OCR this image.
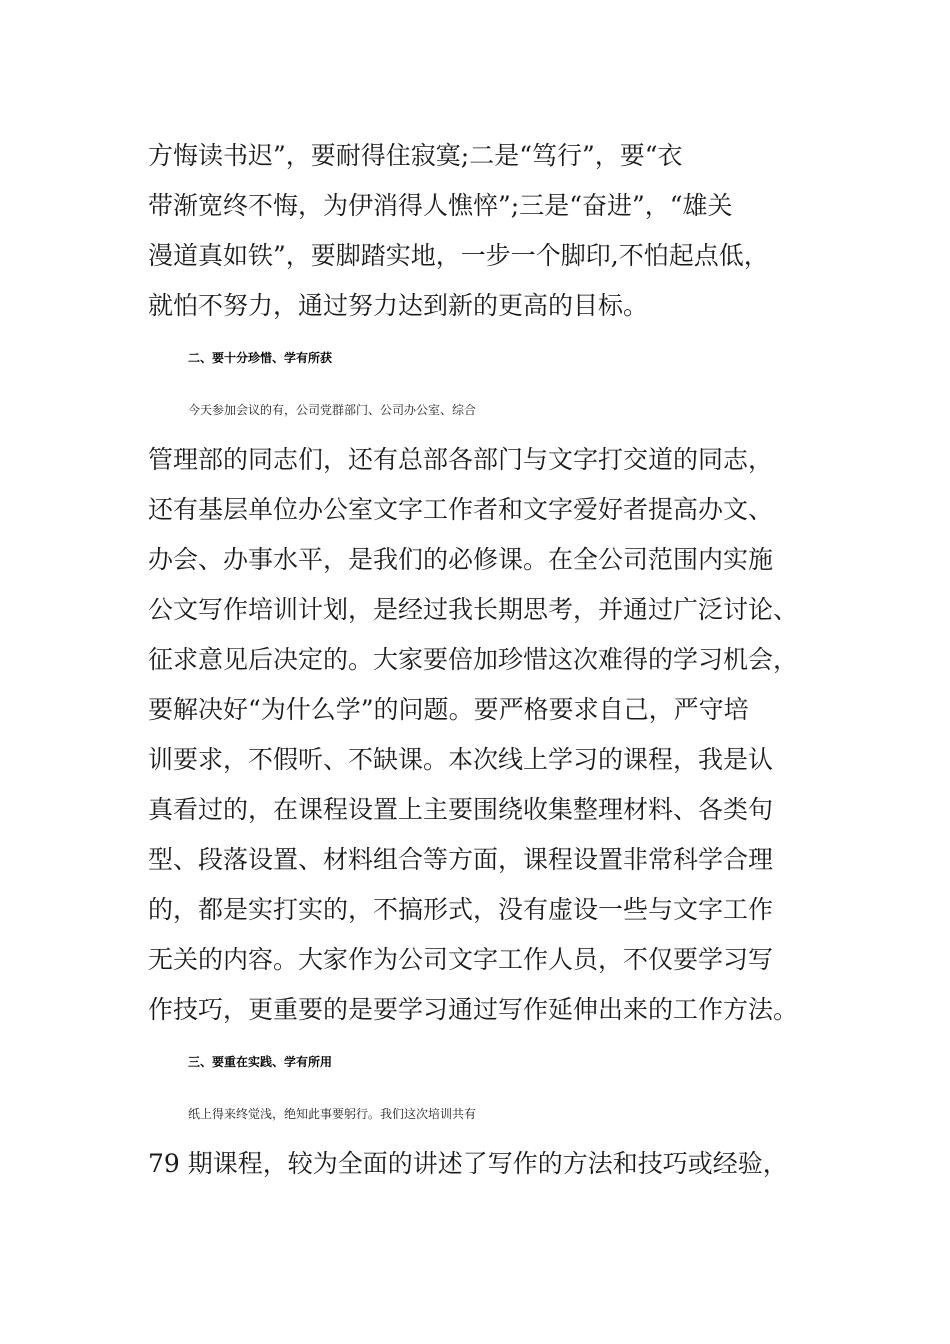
方悔读书迟”，要耐得住寂寞;二是“笃行”，要“衣
带渐宽终不悔，为伊消得人憔悴”;三是“奋进”，“雄关
漫道真如铁”，要脚踏实地，一步一个脚印,不怕起点低，
就怕不努力，通过努力达到新的更高的目标。
二、要十分珍惜、学有所获
今天参加会议的有，公司党群部门、公司办公室、综合
管理部的同志们，还有总部各部门与文字打交道的同志，
还有基层单位办公室文字工作者和文字爱好者提高办文、
办会、办事水平，是我们的必修课。在全公司范围内实施
公文写作培训计划，是经过我长期思考，并通过广泛讨论、
征求意见后决定的。大家要倍加珍惜这次难得的学习机会，
要解决好“为什么学”的问题。要严格要求自己，严守培
训要求，不假听、不缺课。本次线上学习的课程，我是认
真看过的，在课程设置上主要围绕收集整理材料、各类句
型、段落设置、材料组合等方面，课程设置非常科学合理
的，都是实打实的，不搞形式，没有虚设一些与文字工作
无关的内容。大家作为公司文字工作人员，不仅要学习写
作技巧，更重要的是要学习通过写作延伸出来的工作方法。
三、要重在实践、学有所用
纸上得来终觉浅，绝知此事要躬行。我们这次培训共有
79 期课程，较为全面的讲述了写作的方法和技巧或经验，
